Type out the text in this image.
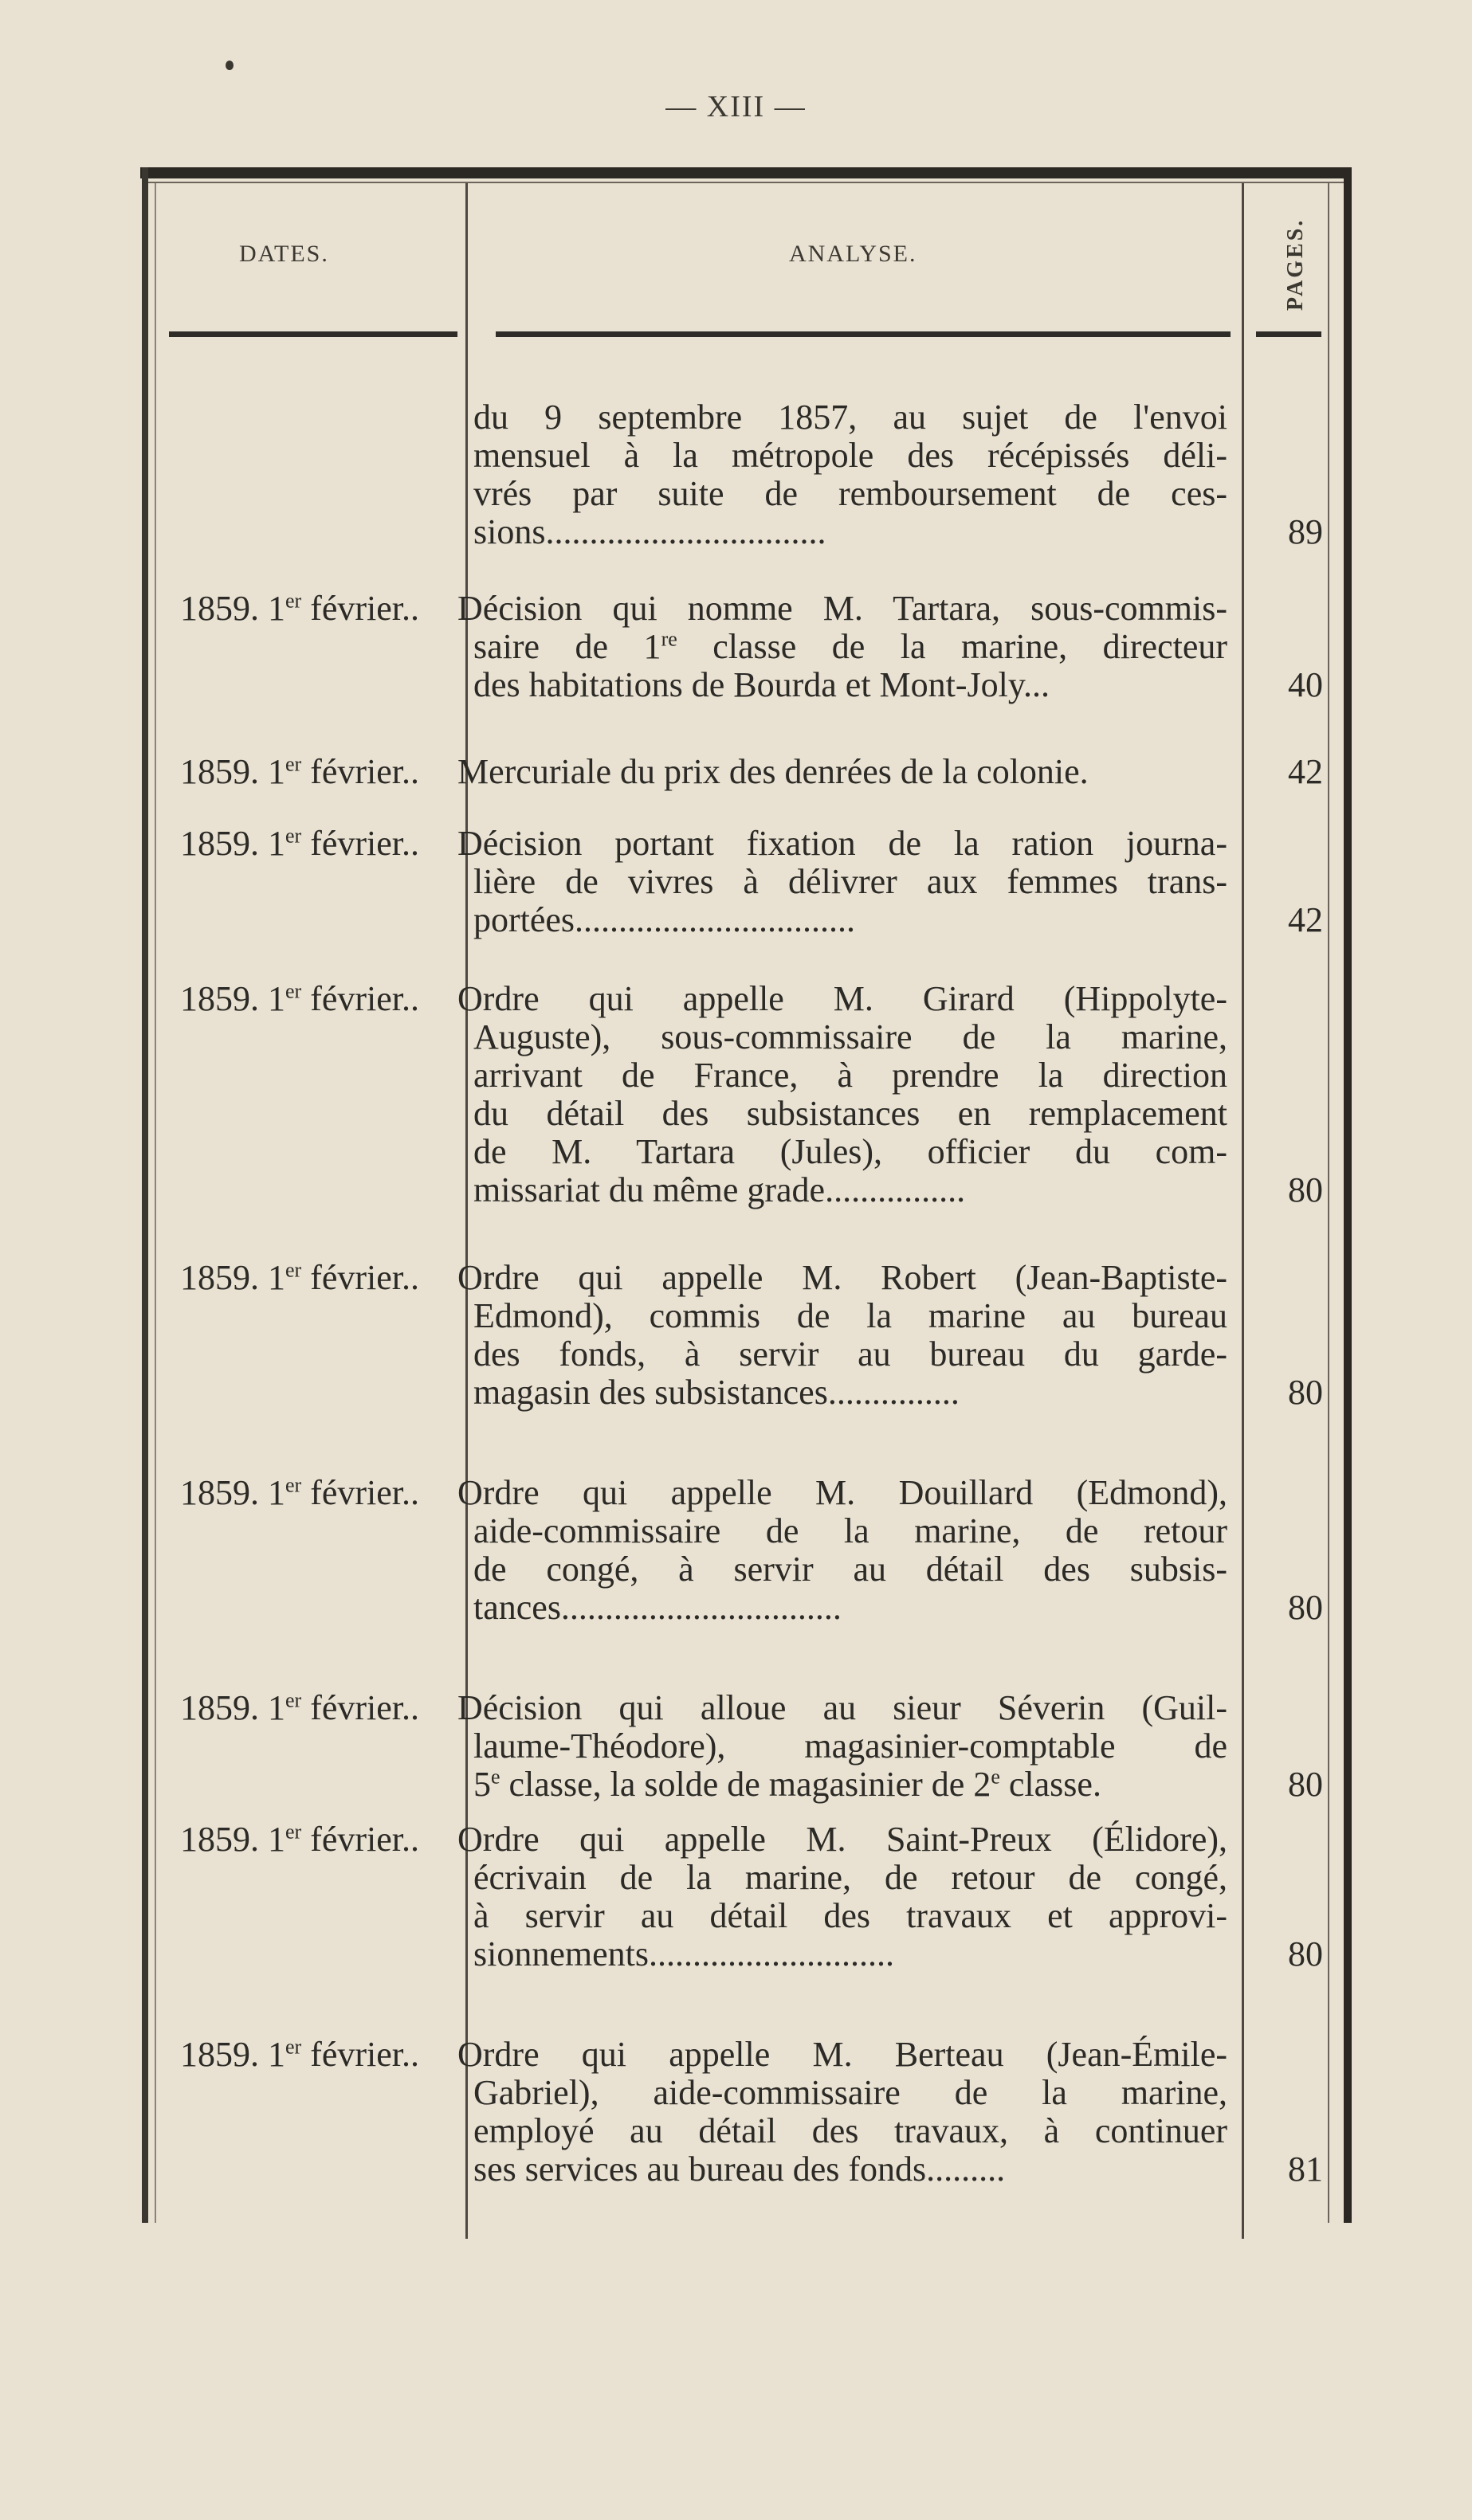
— XIII —
DATES.	ANALYSE.	PAGES.
du 9 septembre 1857, au sujet de l'envoi
mensuel à la métropole des récépissés déli-
vrés par suite de remboursement de ces-
sions................................	89
1859. 1er février.. Décision qui nomme M. Tartara, sous-commis-
saire de 1re classe de la marine, directeur
des habitations de Bourda et Mont-Joly...	40
1859. 1er février.. Mercuriale du prix des denrées de la colonie.	42
1859. 1er février.. Décision portant fixation de la ration journa-
lière de vivres à délivrer aux femmes trans-
portées................................	42
1859. 1er février.. Ordre qui appelle M. Girard (Hippolyte-
Auguste), sous-commissaire de la marine,
arrivant de France, à prendre la direction
du détail des subsistances en remplacement
de M. Tartara (Jules), officier du com-
missariat du même grade................	80
1859. 1er février.. Ordre qui appelle M. Robert (Jean-Baptiste-
Edmond), commis de la marine au bureau
des fonds, à servir au bureau du garde-
magasin des subsistances...............	80
1859. 1er février.. Ordre qui appelle M. Douillard (Edmond),
aide-commissaire de la marine, de retour
de congé, à servir au détail des subsis-
tances................................	80
1859. 1er février.. Décision qui alloue au sieur Séverin (Guil-
laume-Théodore), magasinier-comptable de
5e classe, la solde de magasinier de 2e classe.	80
1859. 1er février.. Ordre qui appelle M. Saint-Preux (Élidore),
écrivain de la marine, de retour de congé,
à servir au détail des travaux et approvi-
sionnements............................	80
1859. 1er février.. Ordre qui appelle M. Berteau (Jean-Émile-
Gabriel), aide-commissaire de la marine,
employé au détail des travaux, à continuer
ses services au bureau des fonds.........	81
